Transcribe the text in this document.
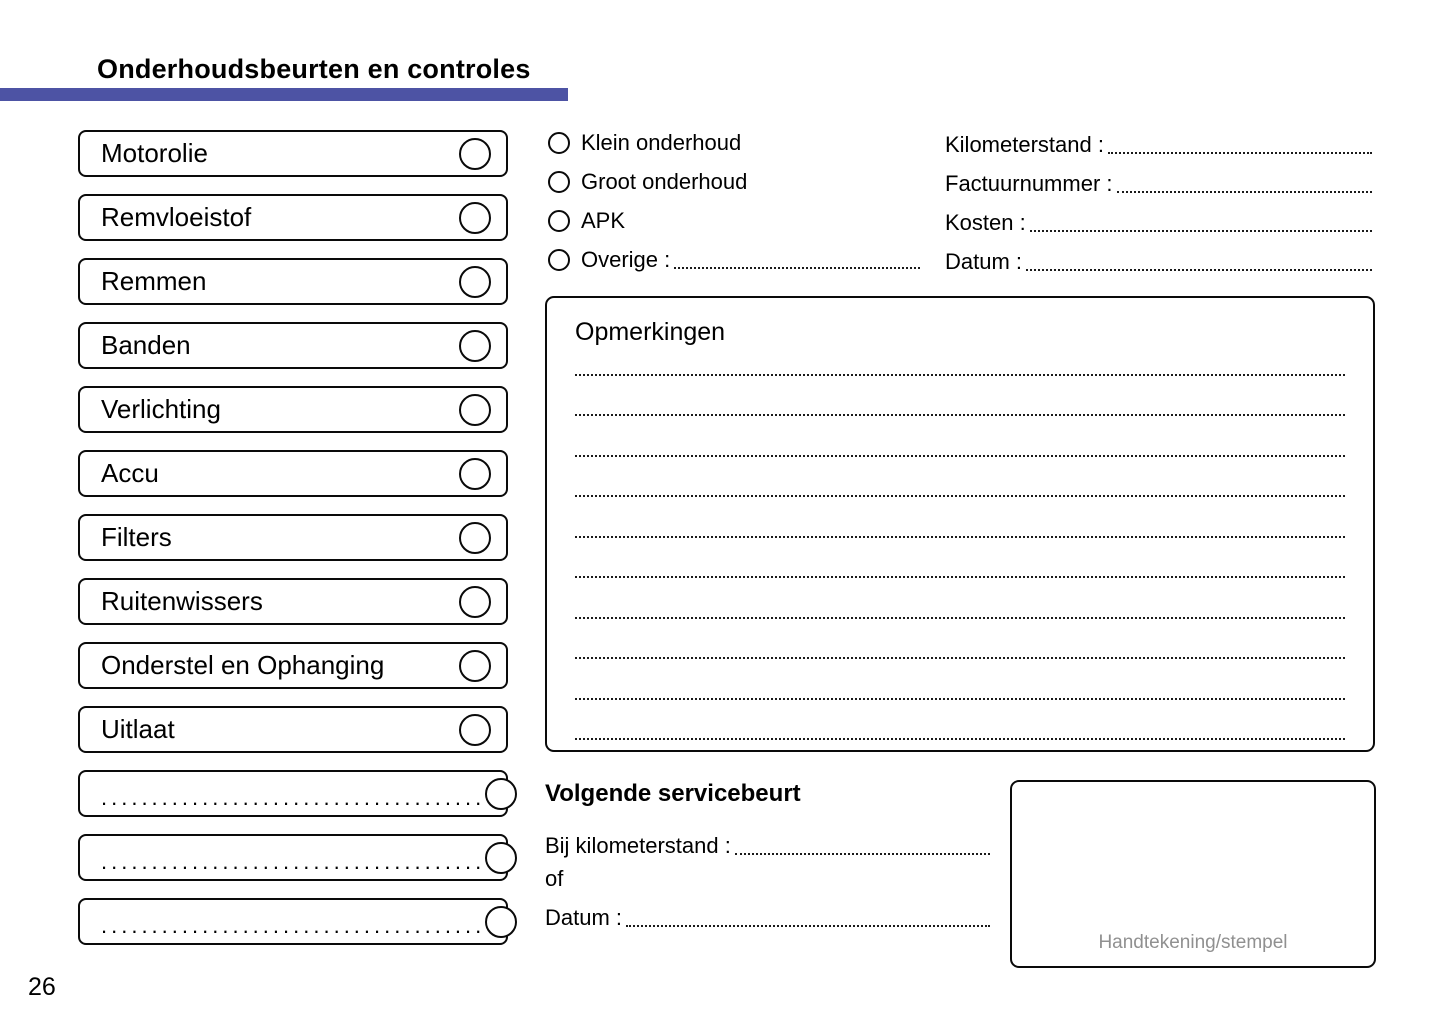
Onderhoudsbeurten en controles
Motorolie
Remvloeistof
Remmen
Banden
Verlichting
Accu
Filters
Ruitenwissers
Onderstel en Ophanging
Uitlaat
......................................
......................................
......................................
Klein onderhoud
Groot onderhoud
APK
Overige :
Kilometerstand :
Factuurnummer :
Kosten :
Datum :
Opmerkingen
Volgende servicebeurt
Bij kilometerstand :
of
Datum :
Handtekening/stempel
26
